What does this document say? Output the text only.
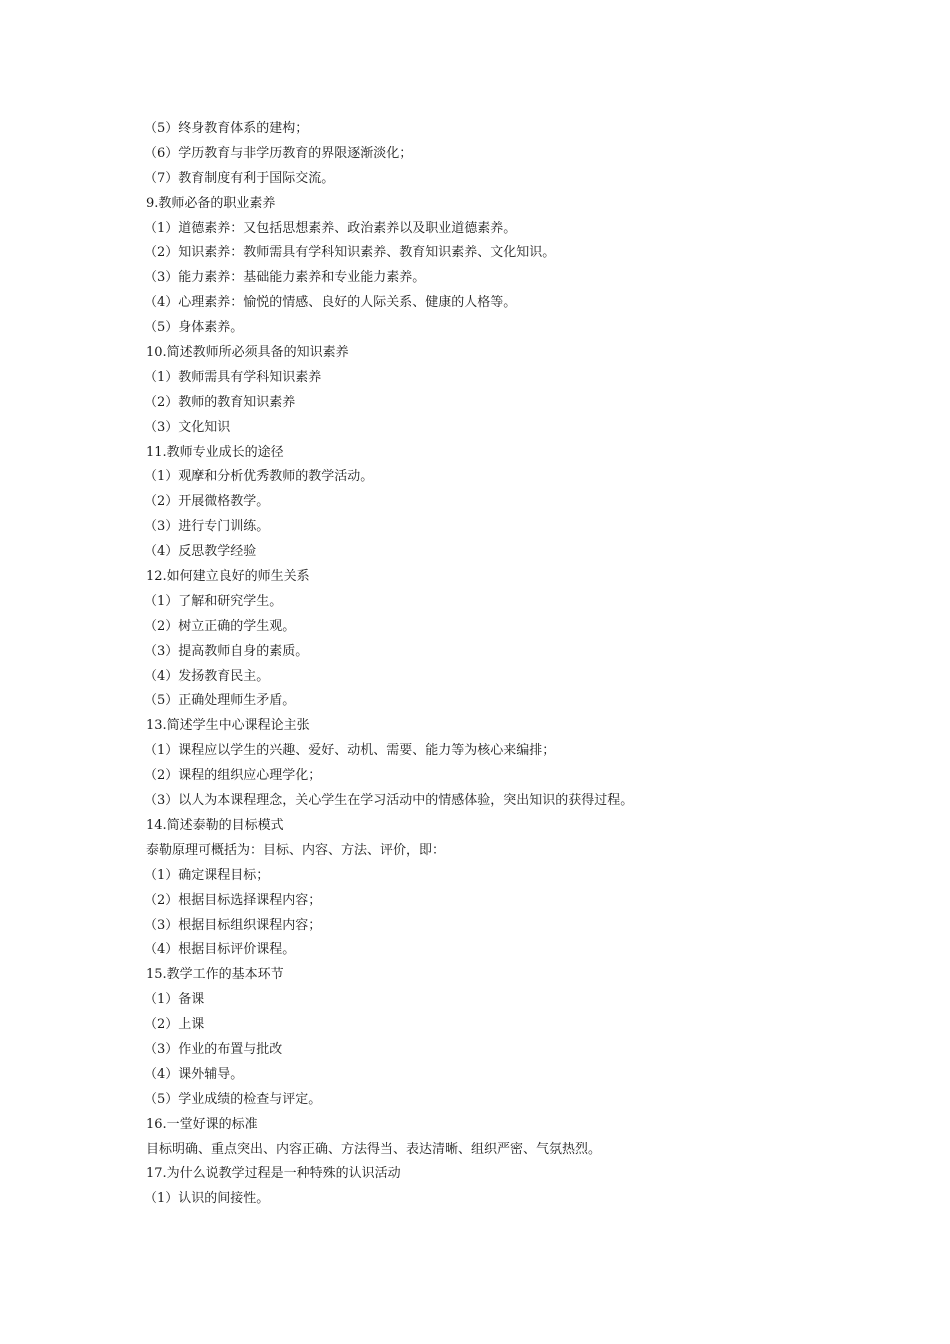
（5）终身教育体系的建构；
（6）学历教育与非学历教育的界限逐渐淡化；
（7）教育制度有利于国际交流。
9.教师必备的职业素养
（1）道德素养：又包括思想素养、政治素养以及职业道德素养。
（2）知识素养：教师需具有学科知识素养、教育知识素养、文化知识。
（3）能力素养：基础能力素养和专业能力素养。
（4）心理素养：愉悦的情感、良好的人际关系、健康的人格等。
（5）身体素养。
10.简述教师所必须具备的知识素养
（1）教师需具有学科知识素养
（2）教师的教育知识素养
（3）文化知识
11.教师专业成长的途径
（1）观摩和分析优秀教师的教学活动。
（2）开展微格教学。
（3）进行专门训练。
（4）反思教学经验
12.如何建立良好的师生关系
（1）了解和研究学生。
（2）树立正确的学生观。
（3）提高教师自身的素质。
（4）发扬教育民主。
（5）正确处理师生矛盾。
13.简述学生中心课程论主张
（1）课程应以学生的兴趣、爱好、动机、需要、能力等为核心来编排；
（2）课程的组织应心理学化；
（3）以人为本课程理念，关心学生在学习活动中的情感体验，突出知识的获得过程。
14.简述泰勒的目标模式
泰勒原理可概括为：目标、内容、方法、评价，即：
（1）确定课程目标；
（2）根据目标选择课程内容；
（3）根据目标组织课程内容；
（4）根据目标评价课程。
15.教学工作的基本环节
（1）备课
（2）上课
（3）作业的布置与批改
（4）课外辅导。
（5）学业成绩的检查与评定。
16.一堂好课的标准
目标明确、重点突出、内容正确、方法得当、表达清晰、组织严密、气氛热烈。
17.为什么说教学过程是一种特殊的认识活动
（1）认识的间接性。
